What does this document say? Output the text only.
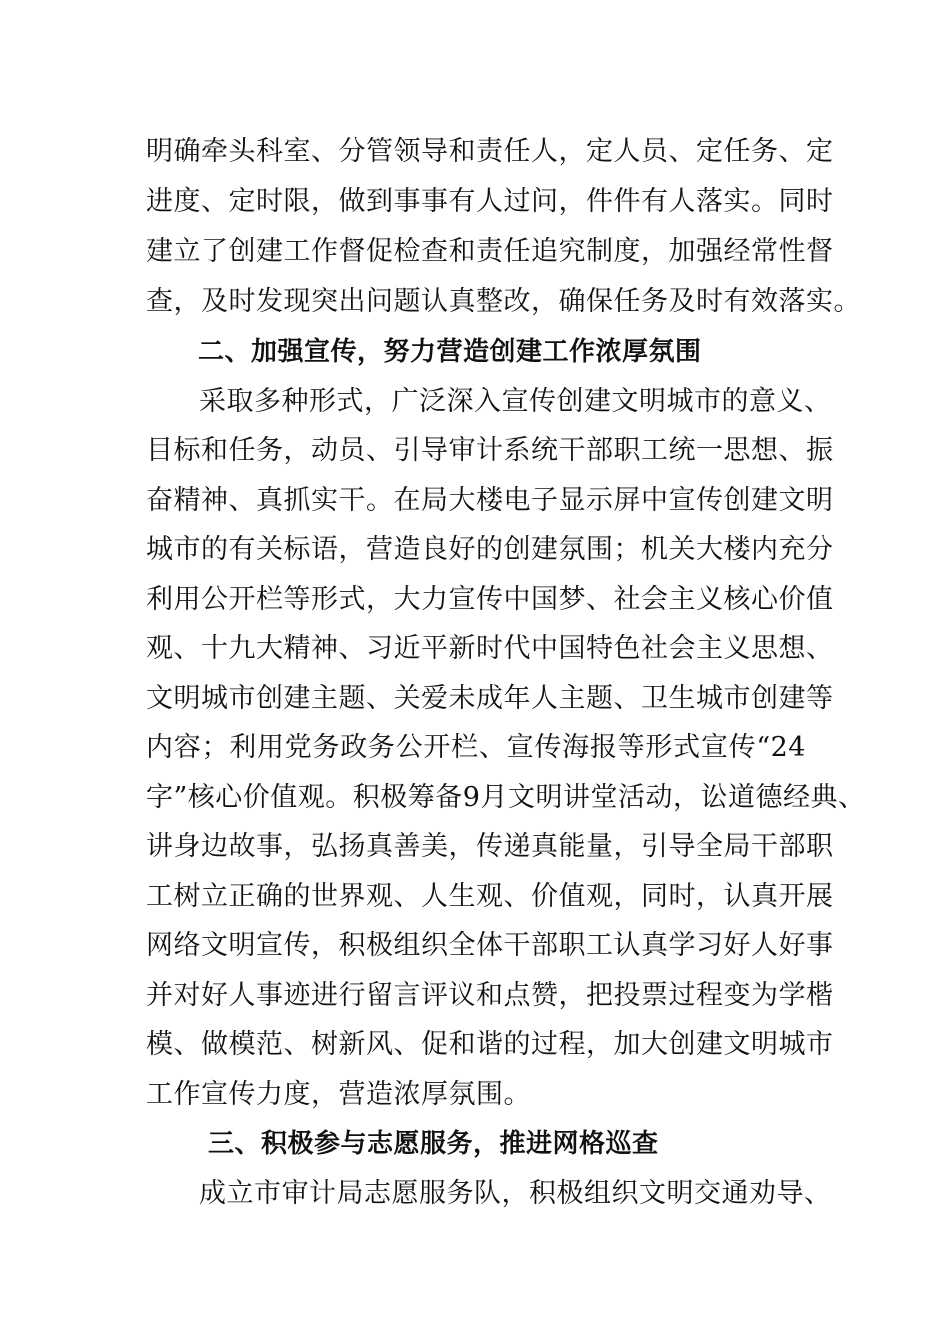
明确牵头科室、分管领导和责任人，定人员、定任务、定
进度、定时限，做到事事有人过问，件件有人落实。同时
建立了创建工作督促检查和责任追究制度，加强经常性督
查，及时发现突出问题认真整改，确保任务及时有效落实。
二、加强宣传，努力营造创建工作浓厚氛围
采取多种形式，广泛深入宣传创建文明城市的意义、
目标和任务，动员、引导审计系统干部职工统一思想、振
奋精神、真抓实干。在局大楼电子显示屏中宣传创建文明
城市的有关标语，营造良好的创建氛围；机关大楼内充分
利用公开栏等形式，大力宣传中国梦、社会主义核心价值
观、十九大精神、习近平新时代中国特色社会主义思想、
文明城市创建主题、关爱未成年人主题、卫生城市创建等
内容；利用党务政务公开栏、宣传海报等形式宣传“24
字”核心价值观。积极筹备9月文明讲堂活动，讼道德经典、
讲身边故事，弘扬真善美，传递真能量，引导全局干部职
工树立正确的世界观、人生观、价值观，同时，认真开展
网络文明宣传，积极组织全体干部职工认真学习好人好事
并对好人事迹进行留言评议和点赞，把投票过程变为学楷
模、做模范、树新风、促和谐的过程，加大创建文明城市
工作宣传力度，营造浓厚氛围。
三、积极参与志愿服务，推进网格巡查
成立市审计局志愿服务队，积极组织文明交通劝导、
